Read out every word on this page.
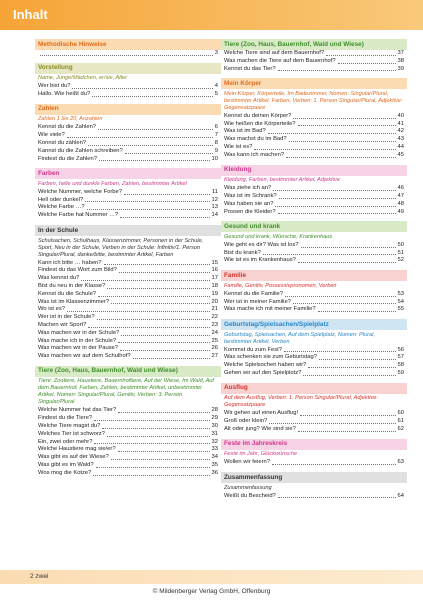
Inhalt
Methodische Hinweise
3
Vorstellung
Name, Junge/Mädchen, er/sie, Alter
Wer bist du?	4
Hallo. Wie heißt du?	5
Zahlen
Zahlen 1 bis 20, Anzahlen
Kennst du die Zahlen?	6
Wie viele?	7
Konnst du zählen?	8
Kannst du die Zahlen schreiben?	9
Findest du die Zahlen?	10
Farben
Farben, helle und dunkle Farben, Zahlen, bestimmter Artikel
Welche Nummer, welche Forbe?	11
Hell oder dunkel?	12
Welche Farbe …?	13
Welche Farbe hat Nummer …?	14
In der Schule
Schulsachen, Schulhaus, Klassenzimmer, Personen in der Schule, Sport, Neu in der Schule, Verben in der Schule: Infinitiv/1. Person Singular/Plural, danke/bitte, bestimmter Artikel, Farben
Kann ich bitte … haben?	15
Findest du das Wort zum Bild?	16
Was kennst du?	17
Bist du neu in der Klasse?	18
Kennst du die Schule?	19
Was ist im Klassenzimmer?	20
Wo ist es?	21
Wer ist in der Schule?	22
Machen wir Sport?	23
Was machen wir in der Schule?	24
Was mache ich in der Schule?	25
Was machen wir in der Pause?	26
Was machen wir auf dem Schulhof?	27
Tiere (Zoo, Haus, Bauernhof, Wald und Wiese)
Tiere: Zootiere, Haustiere, Bauernhoftiere, Auf der Wiese, Im Wald, Auf dem Bauernhof, Farben, Zahlen, bestimmter Artikel, unbestimmter Artikel, Nomen: Singular/Plural, Genitiv, Verben: 3. Person Singular/Plural
Welche Nummer hat das Tier?	28
Findest du die Tiere?	29
Welche Tiere magst du?	30
Welches Tier ist schworz?	31
Ein, zwei oder mehr?	32
Welche Haustiere mag sie/er?	33
Was gibt es auf der Wiese?	34
Was gibt es im Wald?	35
Wos mog die Kotze?	36
Tiere (Zoo, Haus, Bauernhof, Wald und Wiese)
Welche Tiere sind auf dem Bauernhof?	37
Was machen die Tiere auf dem Bauernhof?	38
Kennst du das Tier?	39
Mein Körper
Mein Körper, Körperteile, Im Badezimmer, Nomen: Singular/Plural, bestimmter Artikel, Farben, Verben: 1. Person Singular/Plural, Adjektive: Gegensatzpaare
Kennst du deinen Körper?	40
Wie heißen die Körperteile?	41
Was ist im Bad?	42
Was machst du im Bad?	43
Wie ist es?	44
Was kann ich machen?	45
Kleidung
Kleidung, Farben, bestimmter Artikel, Adjektive
Was ziehe ich an?	46
Was ist im Schrank?	47
Was haben sie an?	48
Possen die Kleider?	49
Gesund und krank
Gesund und krank, Wünsche, Krankenhaus
Wie geht es dir? Was ist los?	50
Bist du krank?	51
Wie ist es im Krankenhaus?	52
Familie
Familie, Genitiv, Possessivpronomen, Verben
Kennst du die Familie?	53
Wer ist in meiner Familie?	54
Was mache ich mit meiner Familie?	55
Geburtstag/Spielsachen/Spielplatz
Geburtstag, Spielsachen, Auf dem Spielplatz, Nomen: Plural, bestimmter Artikel, Verben
Kommst du zum Fest?	56
Was schenken sie zum Geburtstag?	57
Welche Spielsochen haben wir?	58
Gehen wir auf den Spielplotz?	59
Ausflug
Auf dem Ausflug, Verben: 1. Person Singular/Plural, Adjektive: Gegensatzpaare
Wir gehen auf einen Ausflug!	60
Groß oder klein?	61
Alt oder jung? Wie sind sie?	62
Feste im Jahreskreis
Feste im Jahr, Glückwünsche
Wollen wir feiern?	63
Zusammenfassung
Zusammenfassung
Weißt du Bescheid?	64
2 zwei
© Mildenberger Verlag GmbH, Offenburg
